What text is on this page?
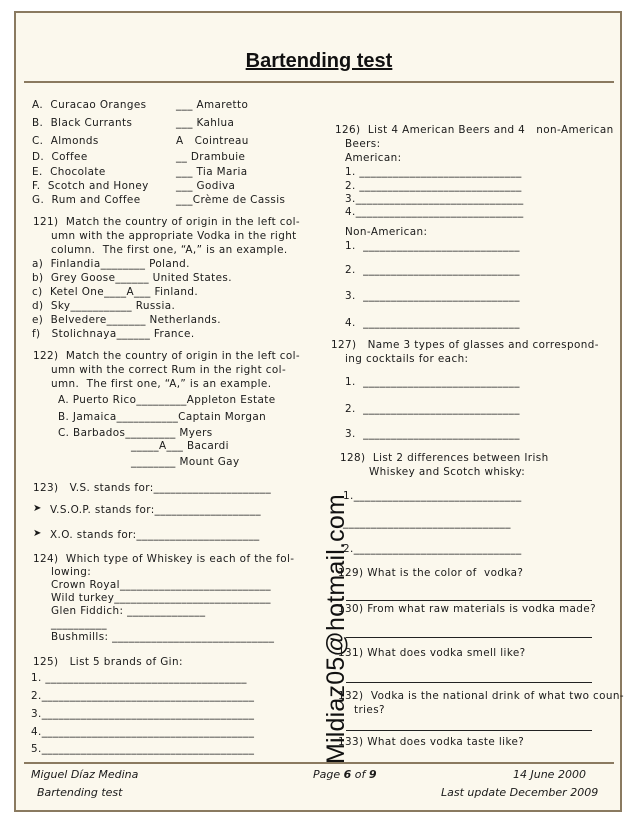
Bartending test
A.  Curacao Oranges
B.  Black Currants
C.  Almonds
D.  Coffee
E.  Chocolate
F.  Scotch and Honey
G.  Rum and Coffee
___ Amaretto
___ Kahlua
A   Cointreau
__ Drambuie
___ Tia Maria
___ Godiva
___Crème de Cassis
121)  Match the country of origin in the left col-
umn with the appropriate Vodka in the right
column.  The first one, “A,” is an example.
a)  Finlandia________ Poland.
b)  Grey Goose______ United States.
c)  Ketel One____A___ Finland.
d)  Sky___________ Russia.
e)  Belvedere_______ Netherlands.
f)   Stolichnaya______ France.
122)  Match the country of origin in the left col-
umn with the correct Rum in the right col-
umn.  The first one, “A,” is an example.
A. Puerto Rico_________Appleton Estate
B. Jamaica___________Captain Morgan
C. Barbados_________ Myers
_____A___ Bacardi
________ Mount Gay
123)   V.S. stands for:_____________________
➤ V.S.O.P. stands for:___________________
➤ X.O. stands for:______________________
124)  Which type of Whiskey is each of the fol-
lowing:
Crown Royal___________________________
Wild turkey____________________________
Glen Fiddich: ______________
__________
Bushmills: _____________________________
125)   List 5 brands of Gin:
1. ____________________________________
2.______________________________________
3.______________________________________
4.______________________________________
5.______________________________________	Mildiaz05@hotmail.com
126)  List 4 American Beers and 4   non-American
Beers:
American:
1. _____________________________
2. _____________________________
3.______________________________
4.______________________________
Non-American:
1.  ____________________________
2.  ____________________________
3.  ____________________________
4.  ____________________________
127)   Name 3 types of glasses and correspond-
ing cocktails for each:
1.  ____________________________
2.  ____________________________
3.  ____________________________
128)  List 2 differences between Irish
Whiskey and Scotch whisky:
1.______________________________
______________________________
2.______________________________
129) What is the color of  vodka?
130) From what raw materials is vodka made?
131) What does vodka smell like?
132)  Vodka is the national drink of what two coun-
tries?
133) What does vodka taste like?
Miguel Díaz Medina
Bartending test
Page 6 of 9	14 June 2000
Last update December 2009
